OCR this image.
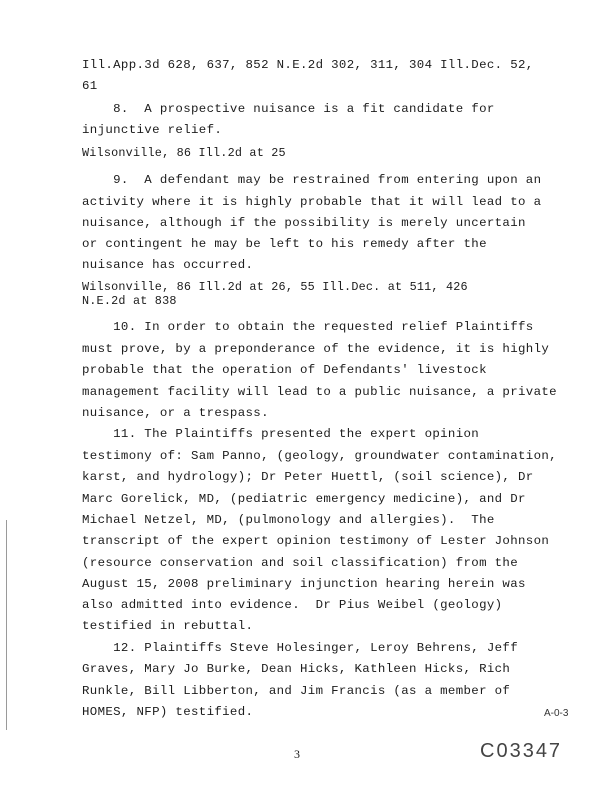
Ill.App.3d 628, 637, 852 N.E.2d 302, 311, 304 Ill.Dec. 52,
61
8.  A prospective nuisance is a fit candidate for
injunctive relief.
Wilsonville, 86 Ill.2d at 25
9.  A defendant may be restrained from entering upon an
activity where it is highly probable that it will lead to a
nuisance, although if the possibility is merely uncertain
or contingent he may be left to his remedy after the
nuisance has occurred.
Wilsonville, 86 Ill.2d at 26, 55 Ill.Dec. at 511, 426
N.E.2d at 838
10. In order to obtain the requested relief Plaintiffs
must prove, by a preponderance of the evidence, it is highly
probable that the operation of Defendants' livestock
management facility will lead to a public nuisance, a private
nuisance, or a trespass.
11. The Plaintiffs presented the expert opinion
testimony of: Sam Panno, (geology, groundwater contamination,
karst, and hydrology); Dr Peter Huettl, (soil science), Dr
Marc Gorelick, MD, (pediatric emergency medicine), and Dr
Michael Netzel, MD, (pulmonology and allergies).  The
transcript of the expert opinion testimony of Lester Johnson
(resource conservation and soil classification) from the
August 15, 2008 preliminary injunction hearing herein was
also admitted into evidence.  Dr Pius Weibel (geology)
testified in rebuttal.
12. Plaintiffs Steve Holesinger, Leroy Behrens, Jeff
Graves, Mary Jo Burke, Dean Hicks, Kathleen Hicks, Rich
Runkle, Bill Libberton, and Jim Francis (as a member of
HOMES, NFP) testified.	A-0-3
3	C03347
